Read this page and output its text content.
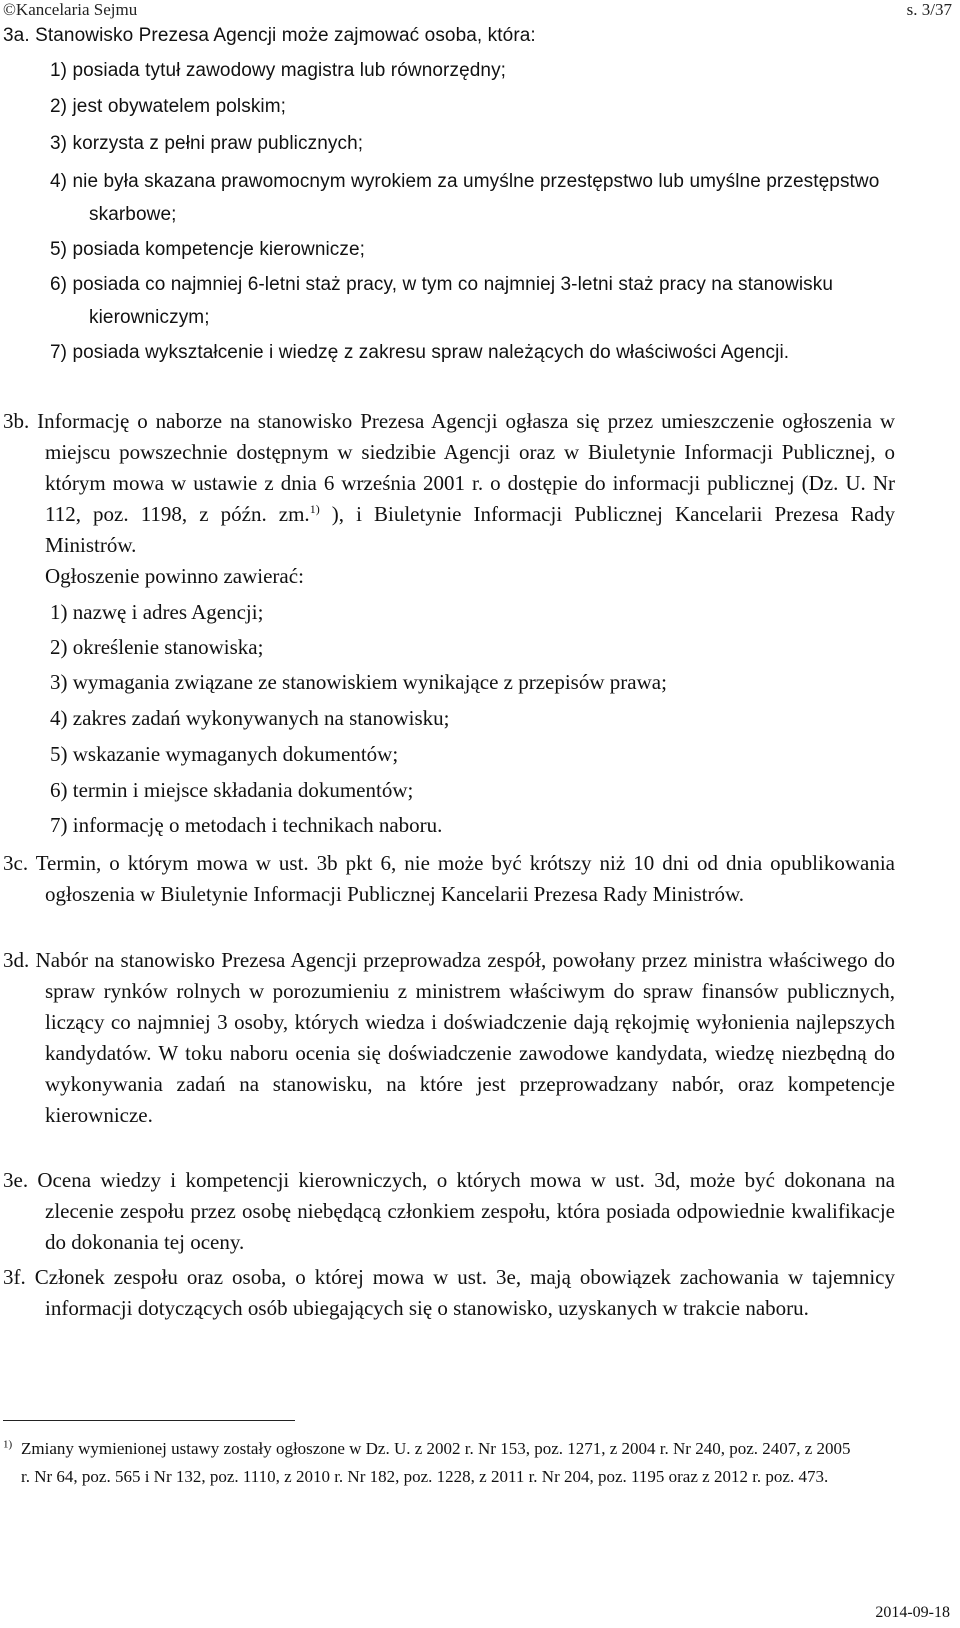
©Kancelaria Sejmu	s. 3/37

3a. Stanowisko Prezesa Agencji może zajmować osoba, która:

1) posiada tytuł zawodowy magistra lub równorzędny;

2) jest obywatelem polskim;

3) korzysta z pełni praw publicznych;

4) nie była skazana prawomocnym wyrokiem za umyślne przestępstwo lub umyślne przestępstwo skarbowe;

5) posiada kompetencje kierownicze;

6) posiada co najmniej 6-letni staż pracy, w tym co najmniej 3-letni staż pracy na stanowisku kierowniczym;

7) posiada wykształcenie i wiedzę z zakresu spraw należących do właściwości Agencji.

3b. Informację o naborze na stanowisko Prezesa Agencji ogłasza się przez umieszczenie ogłoszenia w miejscu powszechnie dostępnym w siedzibie Agencji oraz w Biuletynie Informacji Publicznej, o którym mowa w ustawie z dnia 6 września 2001 r. o dostępie do informacji publicznej (Dz. U. Nr 112, poz. 1198, z późn. zm.$^{1)}$ ), i Biuletynie Informacji Publicznej Kancelarii Prezesa Rady Ministrów.

Ogłoszenie powinno zawierać:

1) nazwę i adres Agencji;

2) określenie stanowiska;

3) wymagania związane ze stanowiskiem wynikające z przepisów prawa;

4) zakres zadań wykonywanych na stanowisku;

5) wskazanie wymaganych dokumentów;

6) termin i miejsce składania dokumentów;

7) informację o metodach i technikach naboru.

3c. Termin, o którym mowa w ust. 3b pkt 6, nie może być krótszy niż 10 dni od dnia opublikowania ogłoszenia w Biuletynie Informacji Publicznej Kancelarii Prezesa Rady Ministrów.

3d. Nabór na stanowisko Prezesa Agencji przeprowadza zespół, powołany przez ministra właściwego do spraw rynków rolnych w porozumieniu z ministrem właściwym do spraw finansów publicznych, liczący co najmniej 3 osoby, których wiedza i doświadczenie dają rękojmię wyłonienia najlepszych kandydatów. W toku naboru ocenia się doświadczenie zawodowe kandydata, wiedzę niezbędną do wykonywania zadań na stanowisku, na które jest przeprowadzany nabór, oraz kompetencje kierownicze.

3e. Ocena wiedzy i kompetencji kierowniczych, o których mowa w ust. 3d, może być dokonana na zlecenie zespołu przez osobę niebędącą członkiem zespołu, która posiada odpowiednie kwalifikacje do dokonania tej oceny.

3f. Członek zespołu oraz osoba, o której mowa w ust. 3e, mają obowiązek zachowania w tajemnicy informacji dotyczących osób ubiegających się o stanowisko, uzyskanych w trakcie naboru.

$^{1)}$ Zmiany wymienionej ustawy zostały ogłoszone w Dz. U. z 2002 r. Nr 153, poz. 1271, z 2004 r. Nr 240, poz. 2407, z 2005 r. Nr 64, poz. 565 i Nr 132, poz. 1110, z 2010 r. Nr 182, poz. 1228, z 2011 r. Nr 204, poz. 1195 oraz z 2012 r. poz. 473.

2014-09-18
